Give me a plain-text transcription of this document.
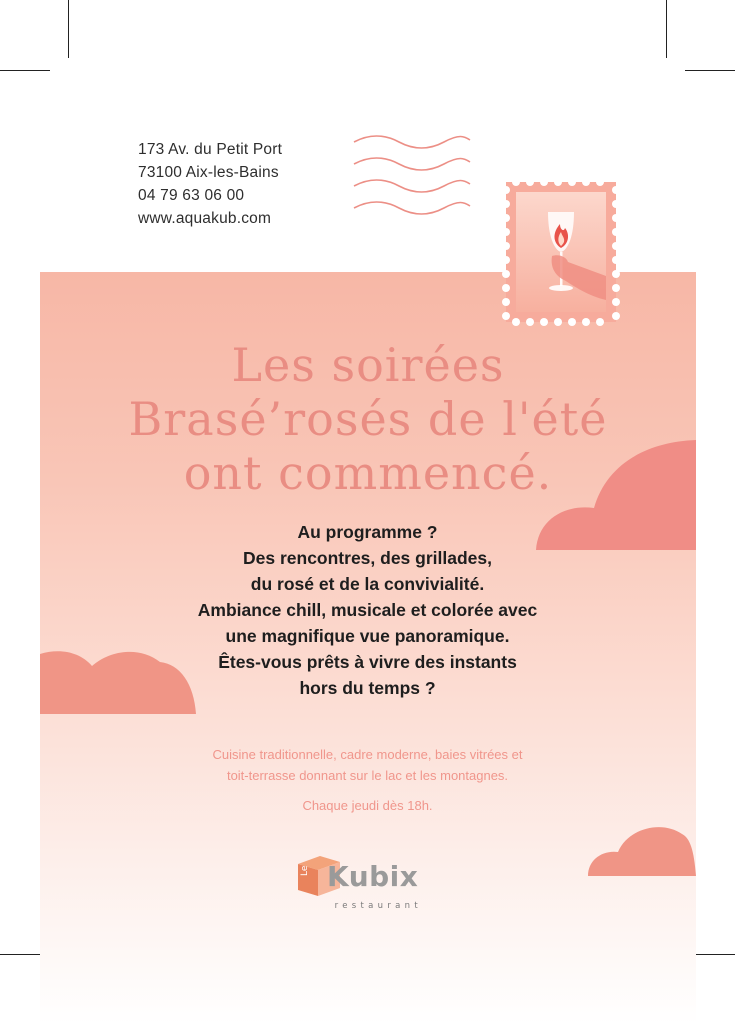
173 Av. du Petit Port
73100 Aix-les-Bains
04 79 63 06 00
www.aquakub.com
Les soirées
Brasé’rosés de l'été
ont commencé.
Au programme ?
Des rencontres, des grillades,
du rosé et de la convivialité.
Ambiance chill, musicale et colorée avec
une magnifique vue panoramique.
Êtes-vous prêts à vivre des instants
hors du temps ?
Cuisine traditionnelle, cadre moderne, baies vitrées et
toit-terrasse donnant sur le lac et les montagnes.
Chaque jeudi dès 18h.
Le Kubix
restaurant
